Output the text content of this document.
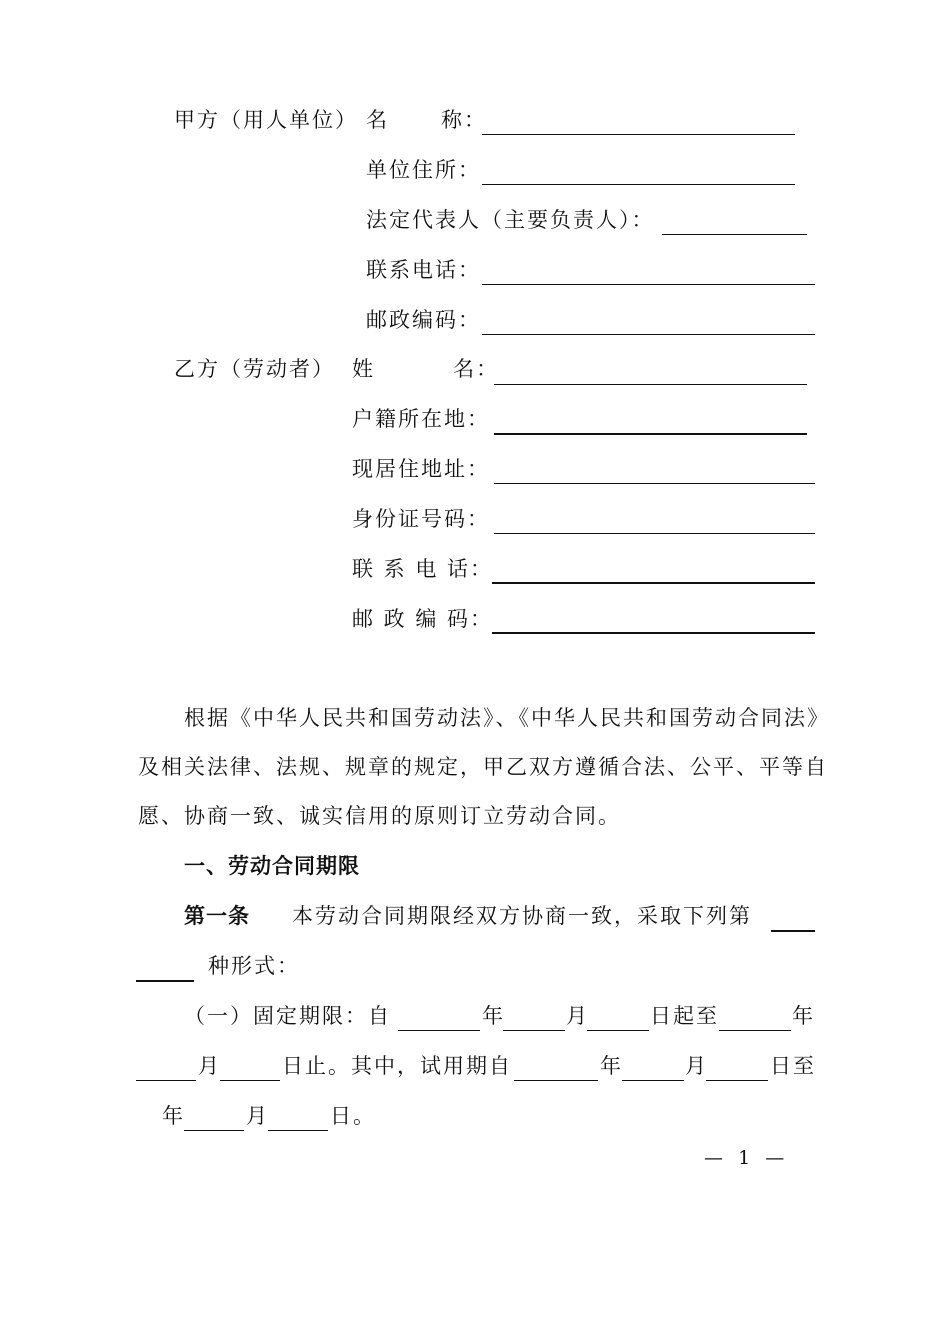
甲方（用人单位） 名      称：
单位住所：
法定代表人（主要负责人）：
联系电话：
邮政编码：
乙方（劳动者） 姓         名：
户籍所在地：
现居住地址：
身份证号码：
联 系 电 话：
邮 政 编 码：
根据《中华人民共和国劳动法》、《中华人民共和国劳动合同法》及相关法律、法规、规章的规定，甲乙双方遵循合法、公平、平等自愿、协商一致、诚实信用的原则订立劳动合同。
一、劳动合同期限
第一条 本劳动合同期限经双方协商一致，采取下列第
种形式：
（一）固定期限：自	年	月	日起至	年
月	日止。其中，试用期自	年	月	日至
年	月	日。
—  1  —
